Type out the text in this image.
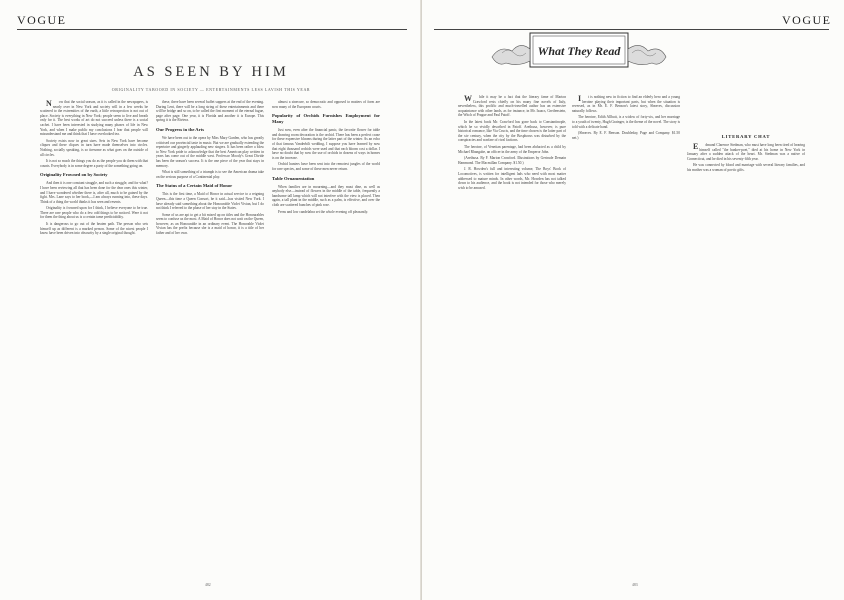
VOGUE
AS SEEN BY HIM
ORIGINALITY TABOOED IN SOCIETY — ENTERTAINMENTS LESS LAVISH THIS YEAR

N ow that the social season, as it is called in the newspapers, is nearly over in New York and society will in a few weeks be scattered to the extremities of the earth, a little retrospection is not out of place. Society is everything in New York; people seem to live and breath only for it. The best works of art do not succeed unless there is a social cachet. I have been interested in studying many phases of life in New York, and when I make public my conclusions I fear that people will misunderstand me and think that I have overlooked tea.

Society exists now in great sizes. Sets in New York have become cliques and these cliques in turn have made themselves into circles. Nothing, socially speaking, is so tiresome as what goes on the outside of all circles.

It is not so much the things you do as the people you do them with that counts. Everybody is in some degree a party of the something going on.

Originality Frowned on by Society

And then it is one constant struggle, and such a struggle, and for what? I have been reviewing all that has been done for the dear ones this winter, and I have wondered whether there is, after all, much to be gained by the fight. Mrs. Lane says to her book,—I am always running into, these days. Think of a thing the world thinks it has seen and resents.

Originality is frowned upon for I think, I believe everyone to be true. There are rare people who do a few odd things to be noticed. Were it not for them the thing about us is a certain tame predictability.

It is dangerous to go out of the beaten path. The person who sets himself up as different is a marked person. Some of the nicest people I know have been driven into obscurity by a single original thought.

these, there have been several buffet suppers at the end of the evening. During Lent, there will be a long string of these entertainments and there will be bridge and so on, to be called the first moment of the eternal fugue, page after page. One year, it is Florida and another it is Europe. This spring it is the Riviera.

Our Progress in the Arts

We have been out to the opera by Miss Mary Garden, who has greatly criticised our provincial taste in music. But we are gradually extending the repertoire and gingerly applauding new singers. It has been rather a blow to New York pride to acknowledge that the best American play written in years has come out of the middle west. Professor Moody's Great Divide has been the season's success. It is the one piece of the year that stays in memory.

What is still something of a triumph is to see the American drama take on the serious purpose of a Continental play.

The Status of a Certain Maid of Honor

This is the first time, a Maid of Honor in actual service to a reigning Queen—this time a Queen Consort, be it said—has visited New York. I have already said something about the Honourable Violet Vivian, but I do not think I referred to the phase of her stay in the States.

Some of us are apt to get a bit mixed up on titles and the Honourables seem to confuse us the most. A Maid of Honor does not wait on the Queen, however, as an Honourable in an ordinary event. The Honorable Violet Vivian has the prefix because she is a maid of honor, it is a title of her father and of her own.

almost a sinecure, so democratic and opposed to matters of form are now many of the European courts.

Popularity of Orchids Furnishes Employment for Many

Just now, even after the financial panic, the favorite flower for table and drawing room decoration is the orchid. There has been a perfect craze for these expensive blooms during the latter part of the winter. As an echo of that famous Vanderbilt wedding, I suppose you have learned by now that eight thousand orchids were used and that each bloom cost a dollar. I have no doubt that by now the use of orchids in dozens of ways in homes is on the increase.

Orchid hunters have been sent into the remotest jungles of the world for rare species, and some of these men never return.

Table Ornamentation

When families are in mourning—and they must dine, as well as anybody else—instead of flowers in the middle of the table, frequently a handsome tall lamp which will not interfere with the view is placed. Then again, a tall plant in the middle, such as a palm, is effective, and over the cloth are scattered bunches of pink rose.

Ferns and low candelabra set the whole evening off pleasantly.

482
VOGUE
What They Read

W hile it may be a fact that the literary fame of Marion Crawford rests chiefly on his many fine novels of Italy, nevertheless, this prolific and much-travelled author has an extensive acquaintance with other lands, as for instance, in Mr. Isaacs, Greifenstein, the Witch of Prague and Paul Patoff.

In the latest book Mr. Crawford has gone back to Constantinople, which he so vividly described in Patoff. Arethusa, however, is pure historical romance, like Via Crucis, and the time chosen is the latter part of the xiv century, when the city by the Bosphorus was disturbed by the conspiracies and warfare of rival factions.

The heroine, of Venetian parentage, had been abducted as a child by Michael Rhangabe, an officer in the army of the Emperor John.

(Arethusa. By F. Marion Crawford. Illustrations by Gertrude Demain Hammond. The Macmillan Company. $1.50.)

J. R. Howden's full and interesting volume, The Boys' Book of Locomotives, is written for intelligent lads who need with most matter addressed to mature minds. In other words, Mr. Howden has not talked down to his audience, and the book is not intended for those who merely wish to be amused.

I t is nothing new in fiction to find an elderly hero and a young heroine playing their important parts, but when the situation is reversed, as in Mr. E. F. Benson's latest story, Sheaves, discussion naturally follows.

The heroine, Edith Allbutt, is a widow of forty-six, and her marriage to a youth of twenty, Hugh Grainger, is the theme of the novel. The story is told with a delicate hand.

(Sheaves. By E. F. Benson. Doubleday, Page and Company. $1.50 net.)	LITERARY CHAT

E dmund Clarence Stedman, who must have long been tired of hearing himself called "the banker-poet," died at his home in New York in January after a sudden attack of the heart. Mr. Stedman was a native of Connecticut, and he died in his seventy-fifth year.

He was connected by blood and marriage with several literary families, and his mother was a woman of poetic gifts.

483
